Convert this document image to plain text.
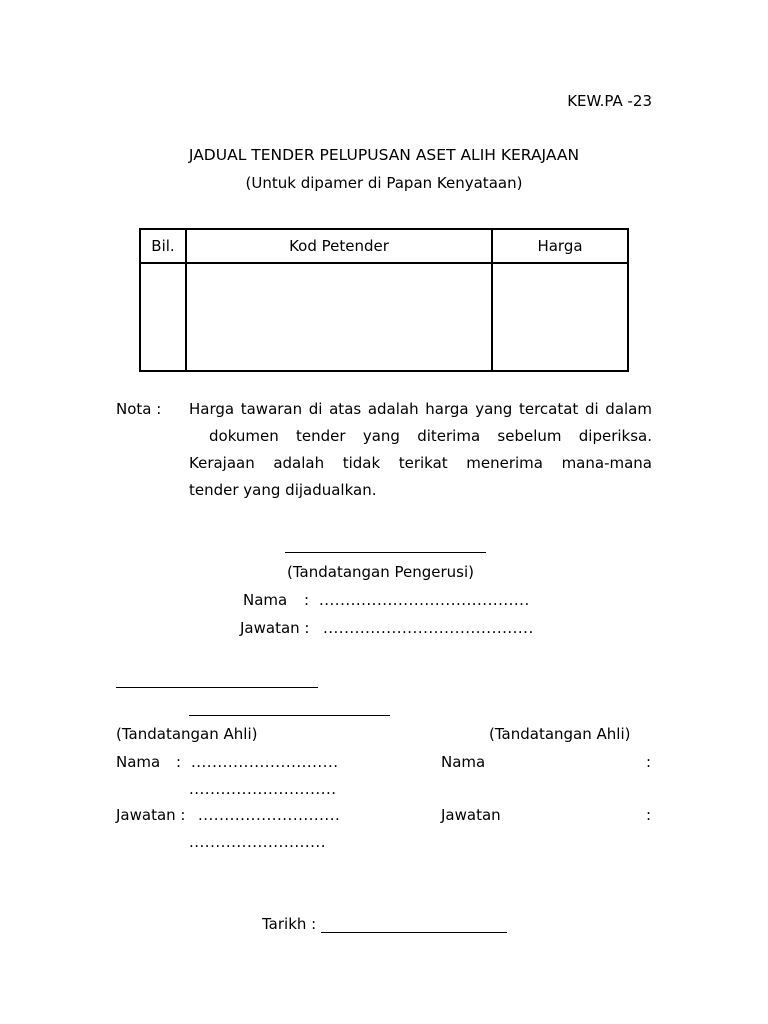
KEW.PA -23
JADUAL TENDER PELUPUSAN ASET ALIH KERAJAAN
(Untuk dipamer di Papan Kenyataan)
Bil.	Kod Petender	Harga

Nota : Harga tawaran di atas adalah harga yang tercatat di dalam

dokumen tender yang diterima sebelum diperiksa.

Kerajaan adalah tidak terikat menerima mana-mana

tender yang dijadualkan.

(Tandatangan Pengerusi)
Nama : ........................................
Jawatan : ........................................
(Tandatangan Ahli)
Nama : ............................
............................
Jawatan : ...........................
..........................
(Tandatangan Ahli)
Nama	:
Jawatan	:
Tarikh :
